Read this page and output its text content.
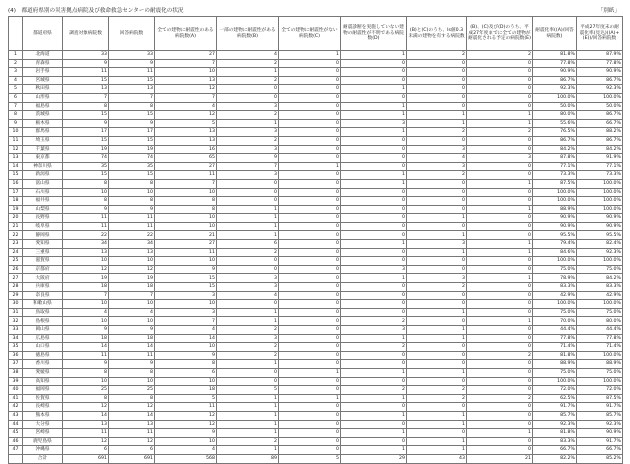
(4)　都道府県別の災害拠点病院及び救命救急センターの耐震化の状況	「別紙」
	都道府県	調査対象病院数	回答病院数	全ての建物に耐震性のある病院数(A)	一部の建物に耐震性がある病院数(B)	全ての建物に耐震性がない病院数(C)	耐震診断を実施していない建物の耐震性が不明である病院数(D)	(B)と(C)のうち、Is値0.3未満の建物を有する病院数	(B)、(C)及び(D)のうち、平成27年度までに全ての建物が耐震化される予定の病院数(E)	耐震化率((A)/回答病院数)	平成27年度末の耐震化率(見込)((A)+(E))/回答病院数
1	北海道	33	33	27	4	1	1	2	2	81.8%	87.9%
2	青森県	9	9	7	2	0	0	0	0	77.8%	77.8%
3	岩手県	11	11	10	1	0	0	0	0	90.9%	90.9%
4	宮城県	15	15	13	2	0	0	0	0	86.7%	86.7%
5	秋田県	13	13	12	0	0	1	0	0	92.3%	92.3%
6	山形県	7	7	7	0	0	0	0	0	100.0%	100.0%
7	福島県	8	8	4	3	0	1	0	0	50.0%	50.0%
8	茨城県	15	15	12	2	0	1	1	1	80.0%	86.7%
9	栃木県	9	9	5	1	0	3	1	1	55.6%	66.7%
10	群馬県	17	17	13	3	0	1	2	2	76.5%	88.2%
11	埼玉県	15	15	13	2	0	0	0	0	86.7%	86.7%
12	千葉県	19	19	16	3	0	0	3	0	84.2%	84.2%
13	東京都	74	74	65	9	0	0	4	3	87.8%	91.9%
14	神奈川県	35	35	27	7	1	0	3	0	77.1%	77.1%
15	新潟県	15	15	11	3	0	1	2	0	73.3%	73.3%
16	富山県	8	8	7	0	0	1	0	1	87.5%	100.0%
17	石川県	10	10	10	0	0	0	0	0	100.0%	100.0%
18	福井県	8	8	8	0	0	0	0	0	100.0%	100.0%
19	山梨県	9	9	8	1	0	0	0	1	88.9%	100.0%
20	長野県	11	11	10	1	0	0	1	0	90.9%	90.9%
21	岐阜県	11	11	10	1	0	0	0	0	90.9%	90.9%
22	静岡県	22	22	21	1	0	0	1	0	95.5%	95.5%
23	愛知県	34	34	27	6	0	1	3	1	79.4%	82.4%
24	三重県	13	13	11	2	0	0	1	1	84.6%	92.3%
25	滋賀県	10	10	10	0	0	0	0	0	100.0%	100.0%
26	京都府	12	12	9	0	0	3	0	0	75.0%	75.0%
27	大阪府	19	19	15	3	0	1	3	1	78.9%	84.2%
28	兵庫県	18	18	15	3	0	0	2	0	83.3%	83.3%
29	奈良県	7	7	3	4	0	0	0	0	42.9%	42.9%
30	和歌山県	10	10	10	0	0	0	0	0	100.0%	100.0%
31	鳥取県	4	4	3	1	0	0	1	0	75.0%	75.0%
32	島根県	10	10	7	1	0	2	0	1	70.0%	80.0%
33	岡山県	9	9	4	2	0	3	1	0	44.4%	44.4%
34	広島県	18	18	14	3	0	1	1	0	77.8%	77.8%
35	山口県	14	14	10	2	0	2	0	0	71.4%	71.4%
36	徳島県	11	11	9	2	0	0	0	2	81.8%	100.0%
37	香川県	9	9	8	1	0	0	0	0	88.9%	88.9%
38	愛媛県	8	8	6	0	1	1	1	0	75.0%	75.0%
39	高知県	10	10	10	0	0	0	0	0	100.0%	100.0%
40	福岡県	25	25	18	5	0	2	2	0	72.0%	72.0%
41	佐賀県	8	8	5	1	1	1	2	2	62.5%	87.5%
42	長崎県	12	12	11	1	0	0	0	0	91.7%	91.7%
43	熊本県	14	14	12	1	0	1	1	0	85.7%	85.7%
44	大分県	13	13	12	1	0	0	1	0	92.3%	92.3%
45	宮崎県	11	11	9	1	0	1	0	1	81.8%	90.9%
46	鹿児島県	12	12	10	2	0	0	1	0	83.3%	91.7%
47	沖縄県	6	6	4	1	0	1	1	0	66.7%	66.7%
	合計	691	691	568	89	5	29	43	21	82.2%	85.2%
